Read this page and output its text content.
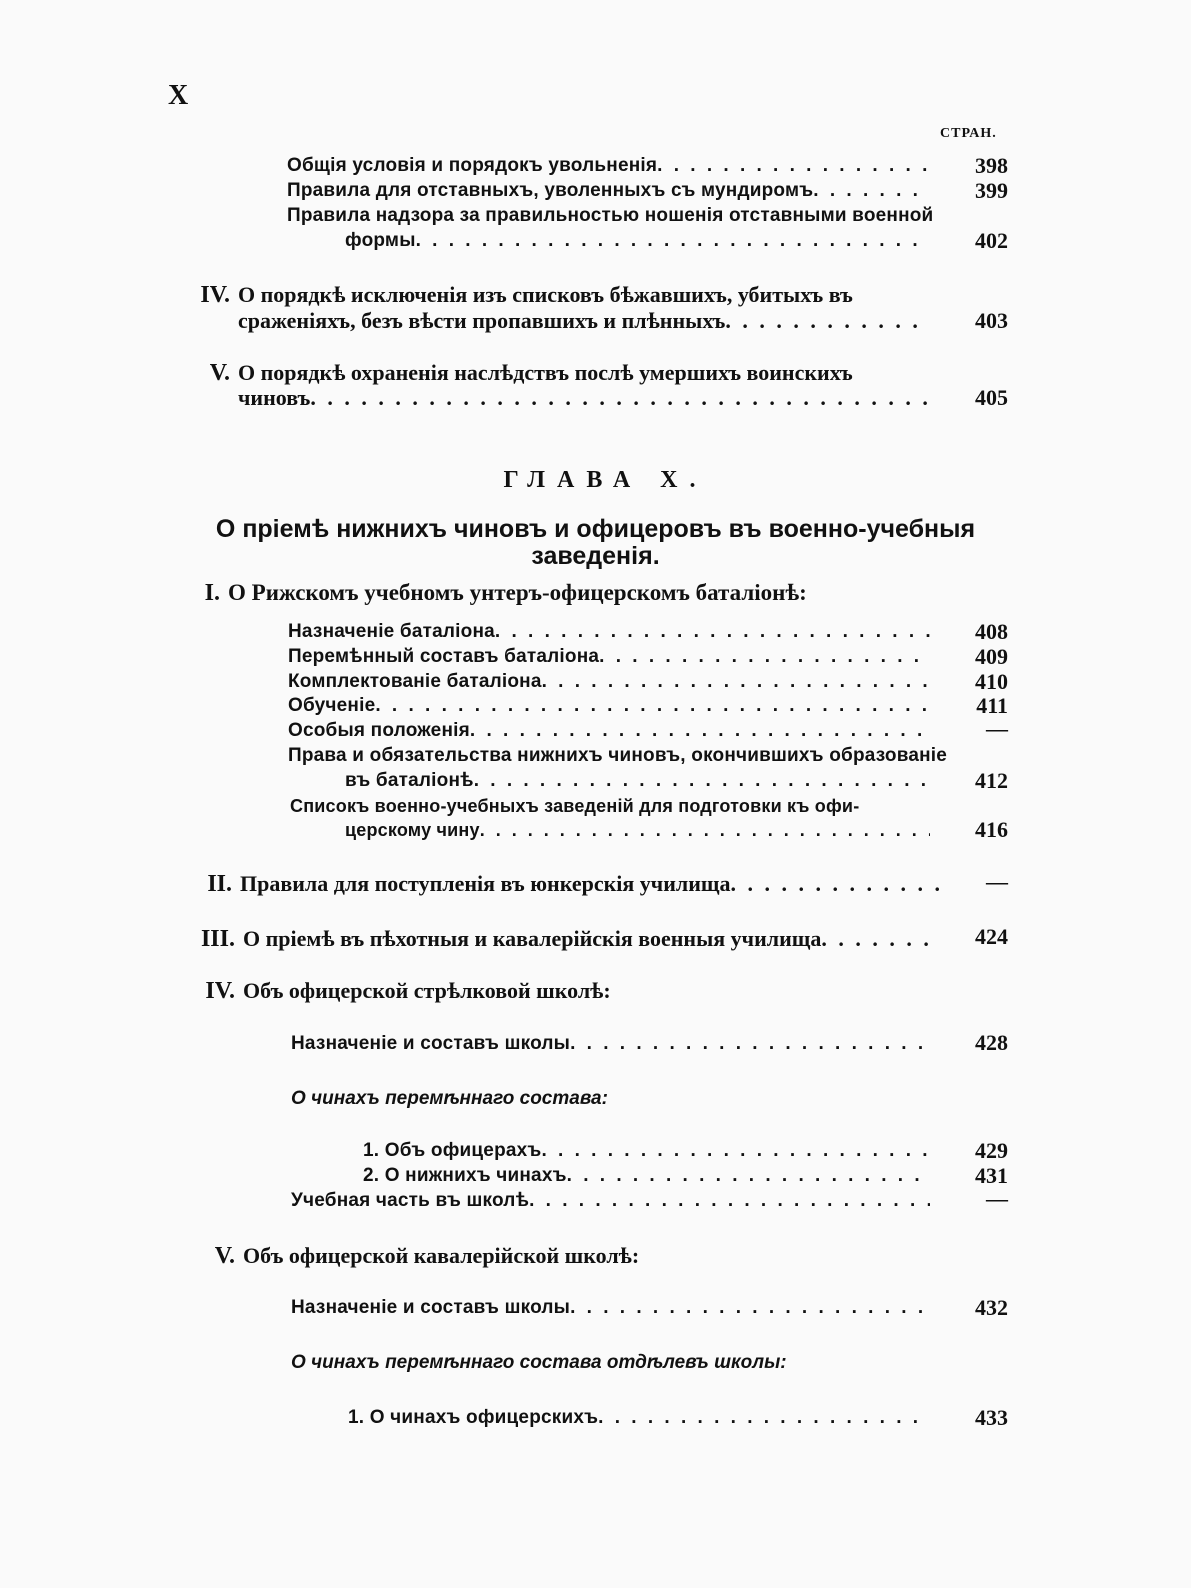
X
СТРАН.
Общія условія и порядокъ увольненія . . .	398
Правила для отставныхъ, уволенныхъ съ мундиромъ . . .	399
Правила надзора за правильностью ношенія отставными военной
формы . . .	402
IV. О порядкѣ исключенія изъ списковъ бѣжавшихъ, убитыхъ въ
сраженіяхъ, безъ вѣсти пропавшихъ и плѣнныхъ . . .	403
V. О порядкѣ охраненія наслѣдствъ послѣ умершихъ воинскихъ
чиновъ . . .	405
ГЛАВА X.
О пріемѣ нижнихъ чиновъ и офицеровъ въ военно-учебныя
заведенія.
I. О Рижскомъ учебномъ унтеръ-офицерскомъ баталіонѣ:
Назначеніе баталіона . . .	408
Перемѣнный составъ баталіона . . .	409
Комплектованіе баталіона . . .	410
Обученіе . . .	411
Особыя положенія . . .	—
Права и обязательства нижнихъ чиновъ, окончившихъ образованіе
въ баталіонѣ . . .	412
Списокъ военно-учебныхъ заведеній для подготовки къ офи-
церскому чину . . .	416
II. Правила для поступленія въ юнкерскія училища . . .	—
III. О пріемѣ въ пѣхотныя и кавалерійскія военныя училища . . .	424
IV. Объ офицерской стрѣлковой школѣ:
Назначеніе и составъ школы . . .	428
О чинахъ перемѣннаго состава:
1. Объ офицерахъ . . .	429
2. О нижнихъ чинахъ . . .	431
Учебная часть въ школѣ . . .	—
V. Объ офицерской кавалерійской школѣ:
Назначеніе и составъ школы . . .	432
О чинахъ перемѣннаго состава отдѣлевъ школы:
1. О чинахъ офицерскихъ . . .	433
